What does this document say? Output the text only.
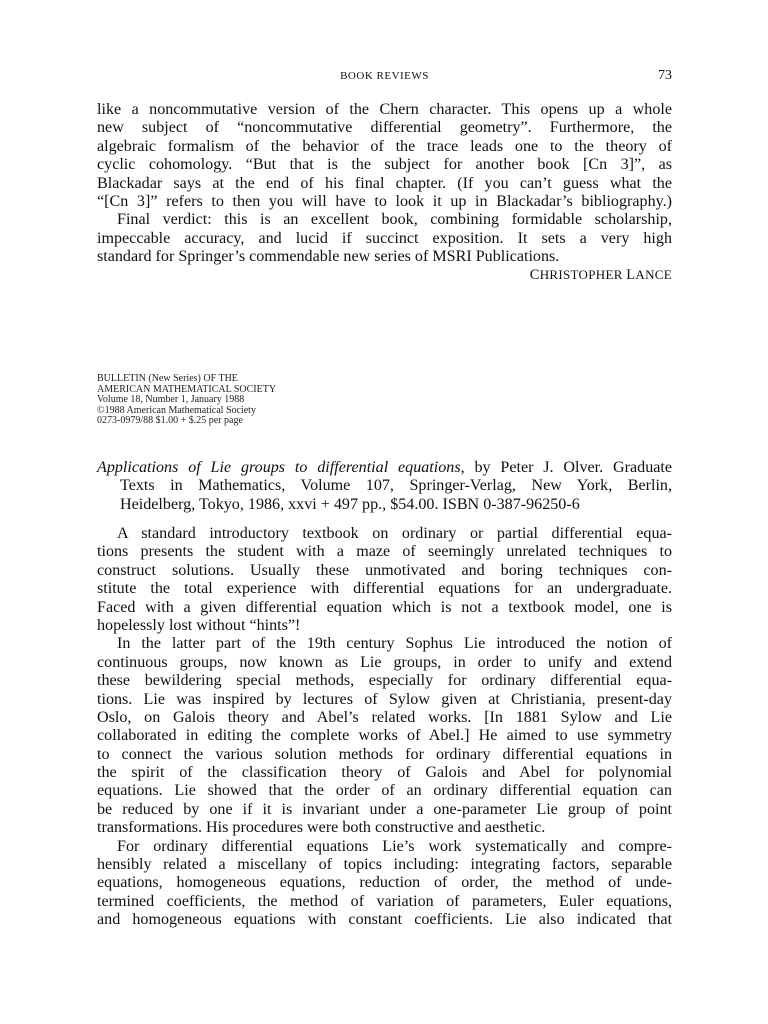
BOOK REVIEWS	73
like a noncommutative version of the Chern character. This opens up a whole
new subject of “noncommutative differential geometry”. Furthermore, the
algebraic formalism of the behavior of the trace leads one to the theory of
cyclic cohomology. “But that is the subject for another book [Cn 3]”, as
Blackadar says at the end of his final chapter. (If you can’t guess what the
“[Cn 3]” refers to then you will have to look it up in Blackadar’s bibliography.)
Final verdict: this is an excellent book, combining formidable scholarship,
impeccable accuracy, and lucid if succinct exposition. It sets a very high
standard for Springer’s commendable new series of MSRI Publications.
CHRISTOPHER LANCE
BULLETIN (New Series) OF THE
AMERICAN MATHEMATICAL SOCIETY
Volume 18, Number 1, January 1988
©1988 American Mathematical Society
0273-0979/88 $1.00 + $.25 per page
Applications of Lie groups to differential equations, by Peter J. Olver. Graduate
Texts in Mathematics, Volume 107, Springer-Verlag, New York, Berlin,
Heidelberg, Tokyo, 1986, xxvi + 497 pp., $54.00. ISBN 0-387-96250-6
A standard introductory textbook on ordinary or partial differential equa-
tions presents the student with a maze of seemingly unrelated techniques to
construct solutions. Usually these unmotivated and boring techniques con-
stitute the total experience with differential equations for an undergraduate.
Faced with a given differential equation which is not a textbook model, one is
hopelessly lost without “hints”!
In the latter part of the 19th century Sophus Lie introduced the notion of
continuous groups, now known as Lie groups, in order to unify and extend
these bewildering special methods, especially for ordinary differential equa-
tions. Lie was inspired by lectures of Sylow given at Christiania, present-day
Oslo, on Galois theory and Abel’s related works. [In 1881 Sylow and Lie
collaborated in editing the complete works of Abel.] He aimed to use symmetry
to connect the various solution methods for ordinary differential equations in
the spirit of the classification theory of Galois and Abel for polynomial
equations. Lie showed that the order of an ordinary differential equation can
be reduced by one if it is invariant under a one-parameter Lie group of point
transformations. His procedures were both constructive and aesthetic.
For ordinary differential equations Lie’s work systematically and compre-
hensibly related a miscellany of topics including: integrating factors, separable
equations, homogeneous equations, reduction of order, the method of unde-
termined coefficients, the method of variation of parameters, Euler equations,
and homogeneous equations with constant coefficients. Lie also indicated that
